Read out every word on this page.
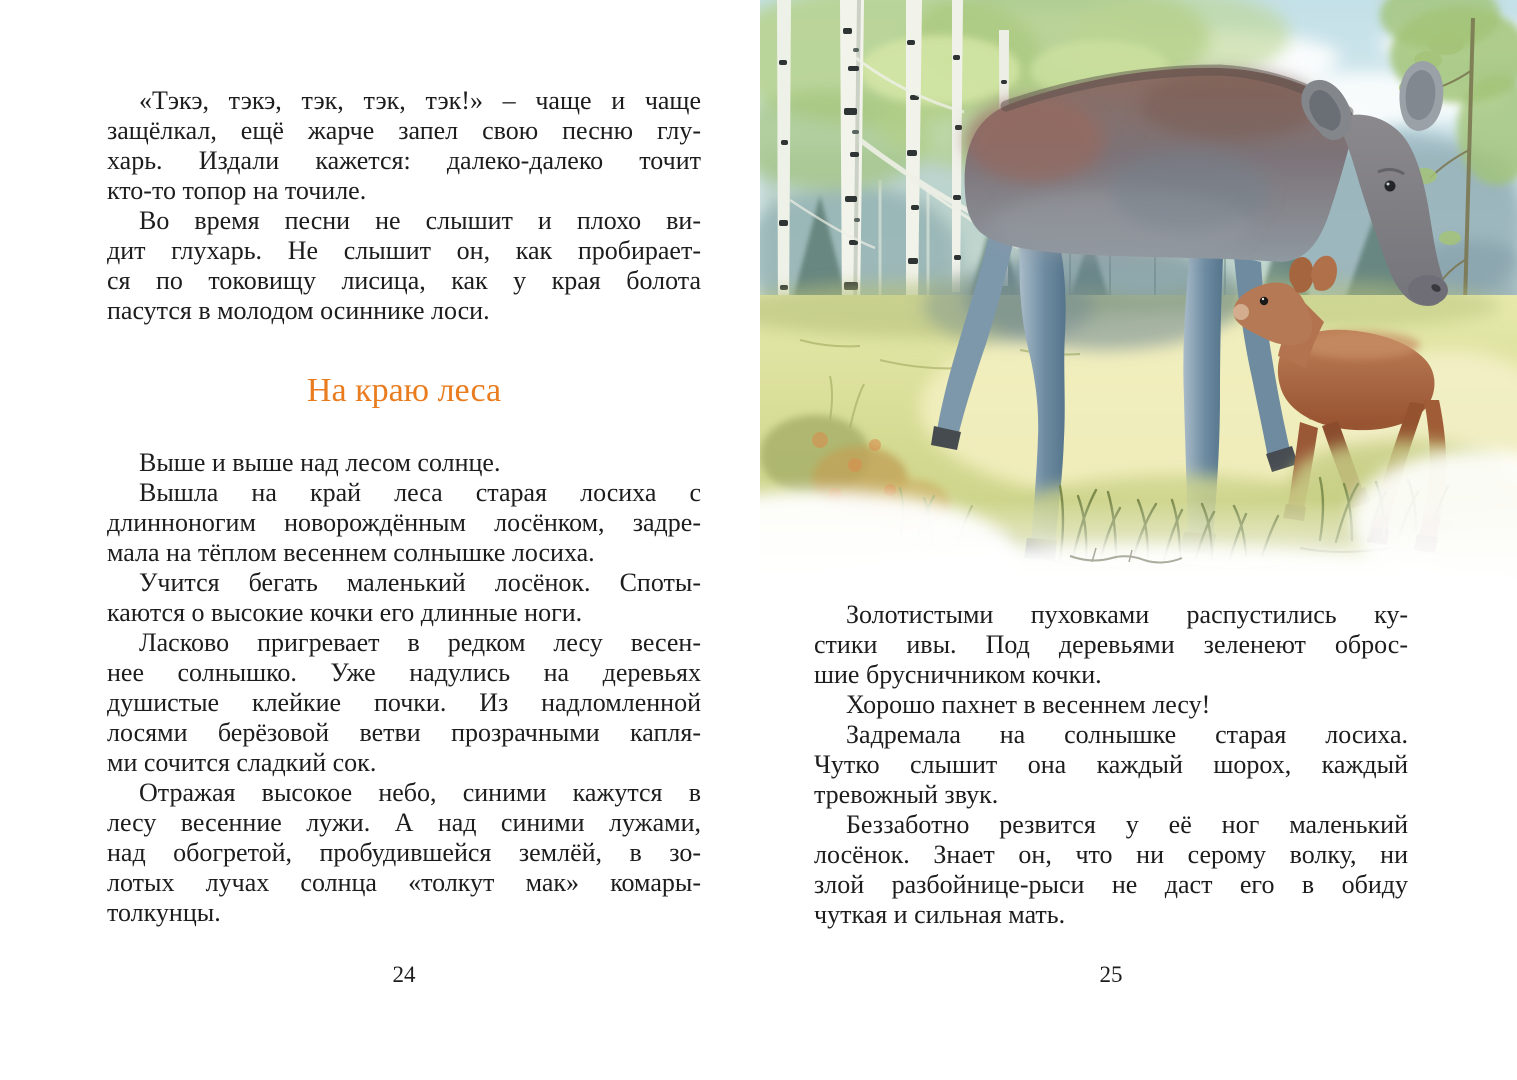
«Тэкэ, тэкэ, тэк, тэк, тэк!» – чаще и чаще
защёлкал, ещё жарче запел свою песню глу-
харь. Издали кажется: далеко-далеко точит
кто-то топор на точиле.
Во время песни не слышит и плохо ви-
дит глухарь. Не слышит он, как пробирает-
ся по токовищу лисица, как у края болота
пасутся в молодом осиннике лоси.
На краю леса
Выше и выше над лесом солнце.
Вышла на край леса старая лосиха с
длинноногим новорождённым лосёнком, задре-
мала на тёплом весеннем солнышке лосиха.
Учится бегать маленький лосёнок. Споты-
каются о высокие кочки его длинные ноги.
Ласково пригревает в редком лесу весен-
нее солнышко. Уже надулись на деревьях
душистые клейкие почки. Из надломленной
лосями берёзовой ветви прозрачными капля-
ми сочится сладкий сок.
Отражая высокое небо, синими кажутся в
лесу весенние лужи. А над синими лужами,
над обогретой, пробудившейся землёй, в зо-
лотых лучах солнца «толкут мак» комары-
толкунцы.
24
Золотистыми пуховками распустились ку-
стики ивы. Под деревьями зеленеют оброс-
шие брусничником кочки.
Хорошо пахнет в весеннем лесу!
Задремала на солнышке старая лосиха.
Чутко слышит она каждый шорох, каждый
тревожный звук.
Беззаботно резвится у её ног маленький
лосёнок. Знает он, что ни серому волку, ни
злой разбойнице-рыси не даст его в обиду
чуткая и сильная мать.
25
